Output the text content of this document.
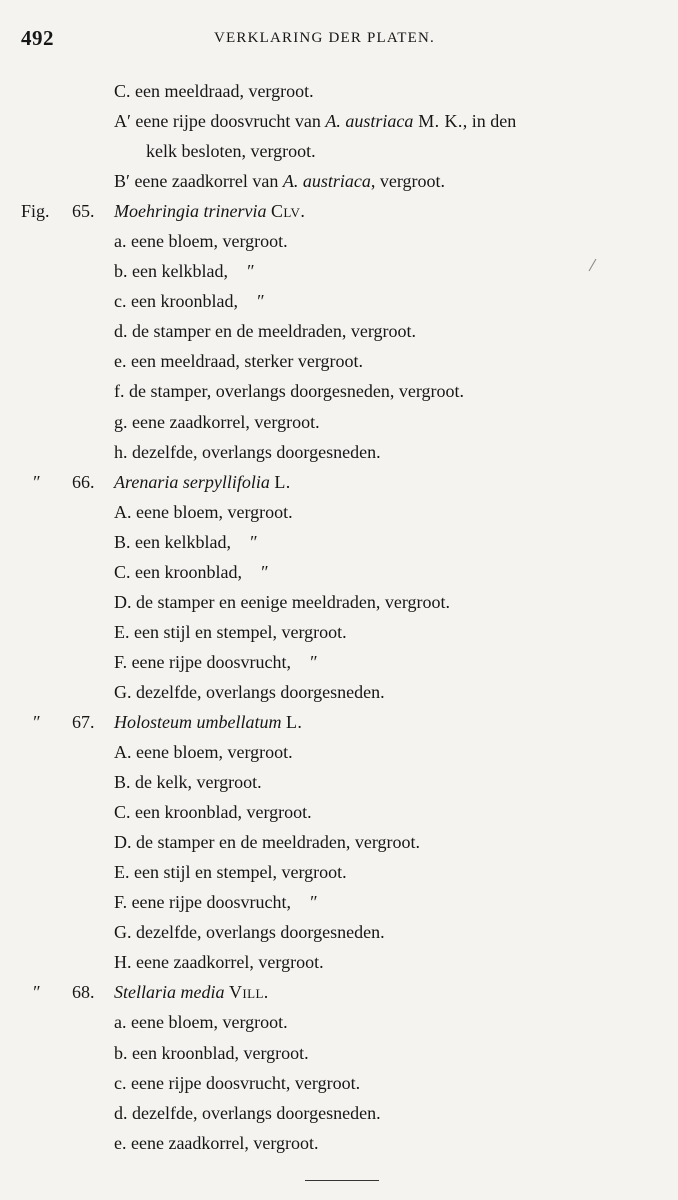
492	VERKLARING DER PLATEN.
C. een meeldraad, vergroot.
A′ eene rijpe doosvrucht van A. austriaca M. K., in den
kelk besloten, vergroot.
B′ eene zaadkorrel van A. austriaca, vergroot.
Fig. 65. Moehringia trinervia Clv.
a. eene bloem, vergroot.
b. een kelkblad,    ″
c. een kroonblad,    ″
d. de stamper en de meeldraden, vergroot.
e. een meeldraad, sterker vergroot.
f. de stamper, overlangs doorgesneden, vergroot.
g. eene zaadkorrel, vergroot.
h. dezelfde, overlangs doorgesneden.
″ 66. Arenaria serpyllifolia L.
A. eene bloem, vergroot.
B. een kelkblad,    ″
C. een kroonblad,    ″
D. de stamper en eenige meeldraden, vergroot.
E. een stijl en stempel, vergroot.
F. eene rijpe doosvrucht,    ″
G. dezelfde, overlangs doorgesneden.
″ 67. Holosteum umbellatum L.
A. eene bloem, vergroot.
B. de kelk, vergroot.
C. een kroonblad, vergroot.
D. de stamper en de meeldraden, vergroot.
E. een stijl en stempel, vergroot.
F. eene rijpe doosvrucht,    ″
G. dezelfde, overlangs doorgesneden.
H. eene zaadkorrel, vergroot.
″ 68. Stellaria media Vill.
a. eene bloem, vergroot.
b. een kroonblad, vergroot.
c. eene rijpe doosvrucht, vergroot.
d. dezelfde, overlangs doorgesneden.
e. eene zaadkorrel, vergroot.
